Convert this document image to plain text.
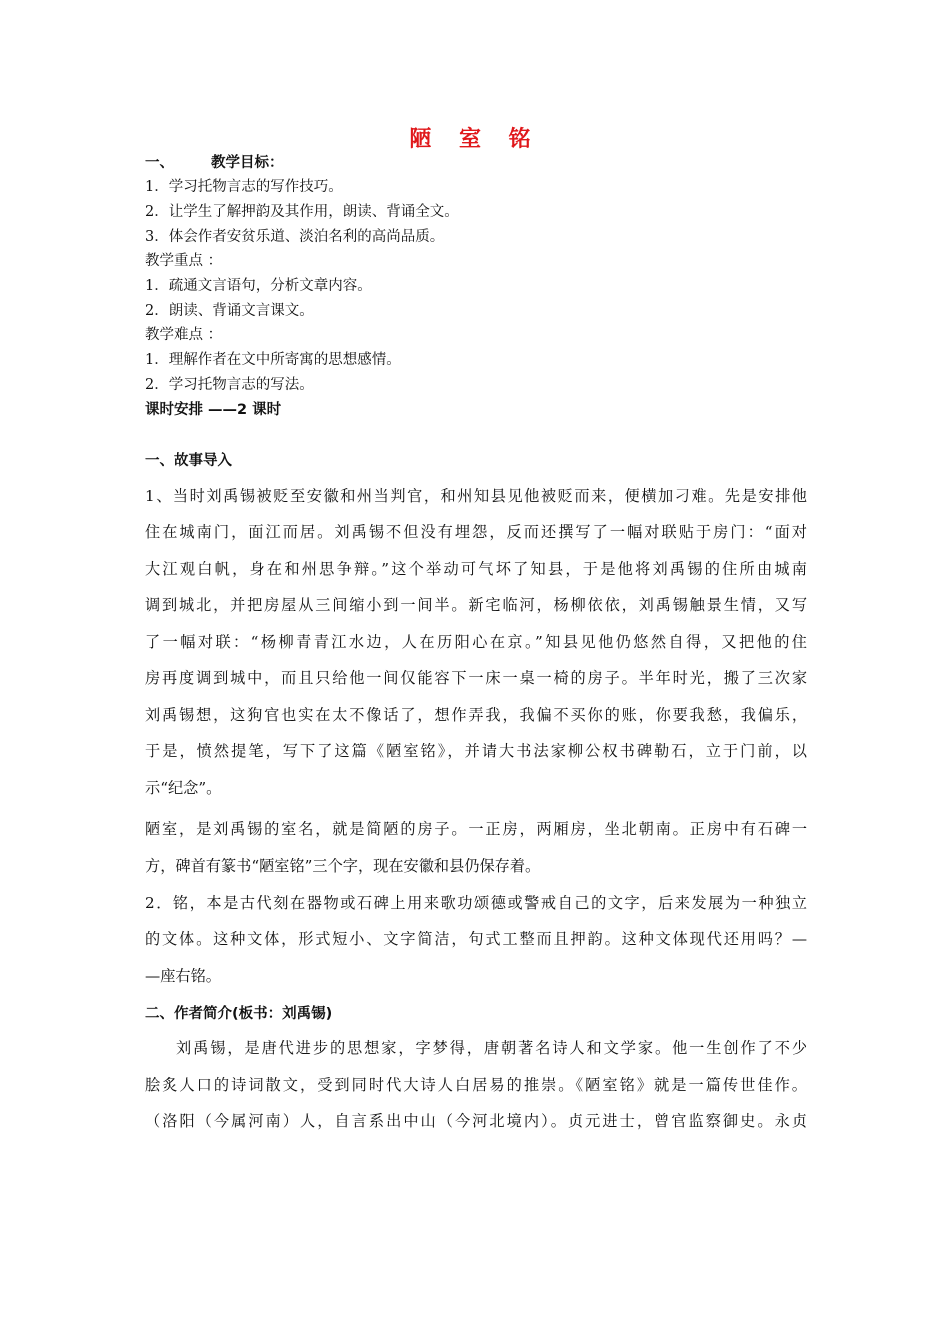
陋 室 铭
一、	教学目标：
1．学习托物言志的写作技巧。
2．让学生了解押韵及其作用，朗读、背诵全文。
3．体会作者安贫乐道、淡泊名利的高尚品质。
教学重点 ：
1．疏通文言语句，分析文章内容。
2．朗读、背诵文言课文。
教学难点 ：
1．理解作者在文中所寄寓的思想感情。
2．学习托物言志的写法。
课时安排 ——2 课时
一、故事导入
1、当时刘禹锡被贬至安徽和州当判官，和州知县见他被贬而来，便横加刁难。先是安排他
住在城南门，面江而居。刘禹锡不但没有埋怨，反而还撰写了一幅对联贴于房门：“面对
大江观白帆，身在和州思争辩。”这个举动可气坏了知县，于是他将刘禹锡的住所由城南
调到城北，并把房屋从三间缩小到一间半。新宅临河，杨柳依依，刘禹锡触景生情，又写
了一幅对联：“杨柳青青江水边，人在历阳心在京。”知县见他仍悠然自得，又把他的住
房再度调到城中，而且只给他一间仅能容下一床一桌一椅的房子。半年时光，搬了三次家
刘禹锡想，这狗官也实在太不像话了，想作弄我，我偏不买你的账，你要我愁，我偏乐，
于是，愤然提笔，写下了这篇《陋室铭》，并请大书法家柳公权书碑勒石，立于门前，以
示“纪念”。
陋室，是刘禹锡的室名，就是简陋的房子。一正房，两厢房，坐北朝南。正房中有石碑一
方，碑首有篆书“陋室铭”三个字，现在安徽和县仍保存着。
2．铭，本是古代刻在器物或石碑上用来歌功颂德或警戒自己的文字，后来发展为一种独立
的文体。这种文体，形式短小、文字简洁，句式工整而且押韵。这种文体现代还用吗？—
—座右铭。
二、作者简介(板书：刘禹锡)
刘禹锡，是唐代进步的思想家，字梦得，唐朝著名诗人和文学家。他一生创作了不少
脍炙人口的诗词散文，受到同时代大诗人白居易的推崇。《陋室铭》就是一篇传世佳作。
（洛阳（今属河南）人，自言系出中山（今河北境内）。贞元进士，曾官监察御史。永贞
